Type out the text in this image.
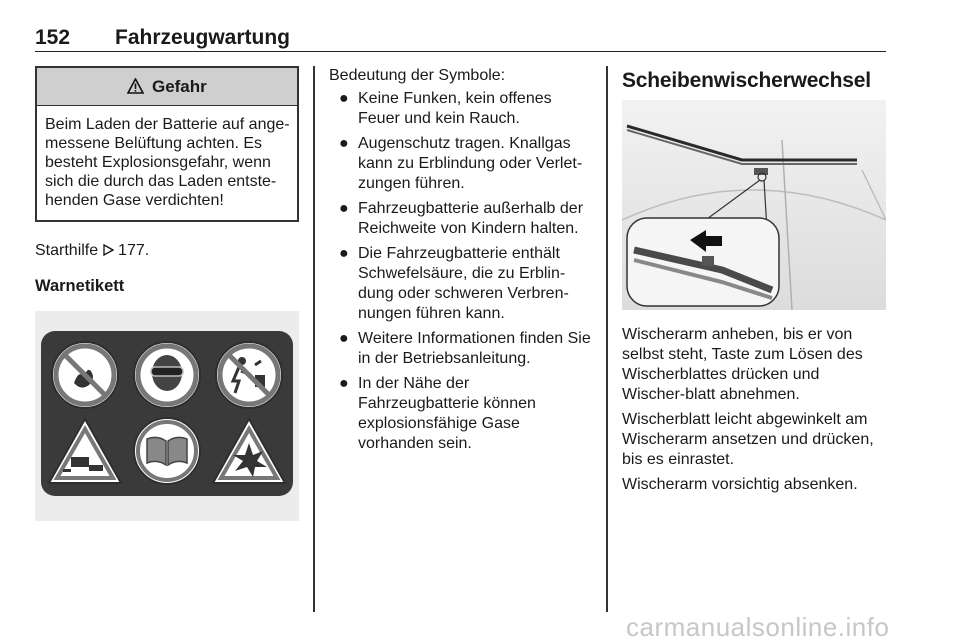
152 Fahrzeugwartung
Gefahr
Beim Laden der Batterie auf ange-messene Belüftung achten. Es besteht Explosionsgefahr, wenn sich die durch das Laden entste-henden Gase verdichten!
Starthilfe 177.
Warnetikett
Bedeutung der Symbole:
● Keine Funken, kein offenes Feuer und kein Rauch.
● Augenschutz tragen. Knallgas kann zu Erblindung oder Verlet-zungen führen.
● Fahrzeugbatterie außerhalb der Reichweite von Kindern halten.
● Die Fahrzeugbatterie enthält Schwefelsäure, die zu Erblin-dung oder schweren Verbren-nungen führen kann.
● Weitere Informationen finden Sie in der Betriebsanleitung.
● In der Nähe der Fahrzeugbatterie können explosionsfähige Gase vorhanden sein.
Scheibenwischerwechsel
Wischerarm anheben, bis er von selbst steht, Taste zum Lösen des Wischerblattes drücken und Wischer-blatt abnehmen.
Wischerblatt leicht abgewinkelt am Wischerarm ansetzen und drücken, bis es einrastet.
Wischerarm vorsichtig absenken.
carmanualsonline.info
